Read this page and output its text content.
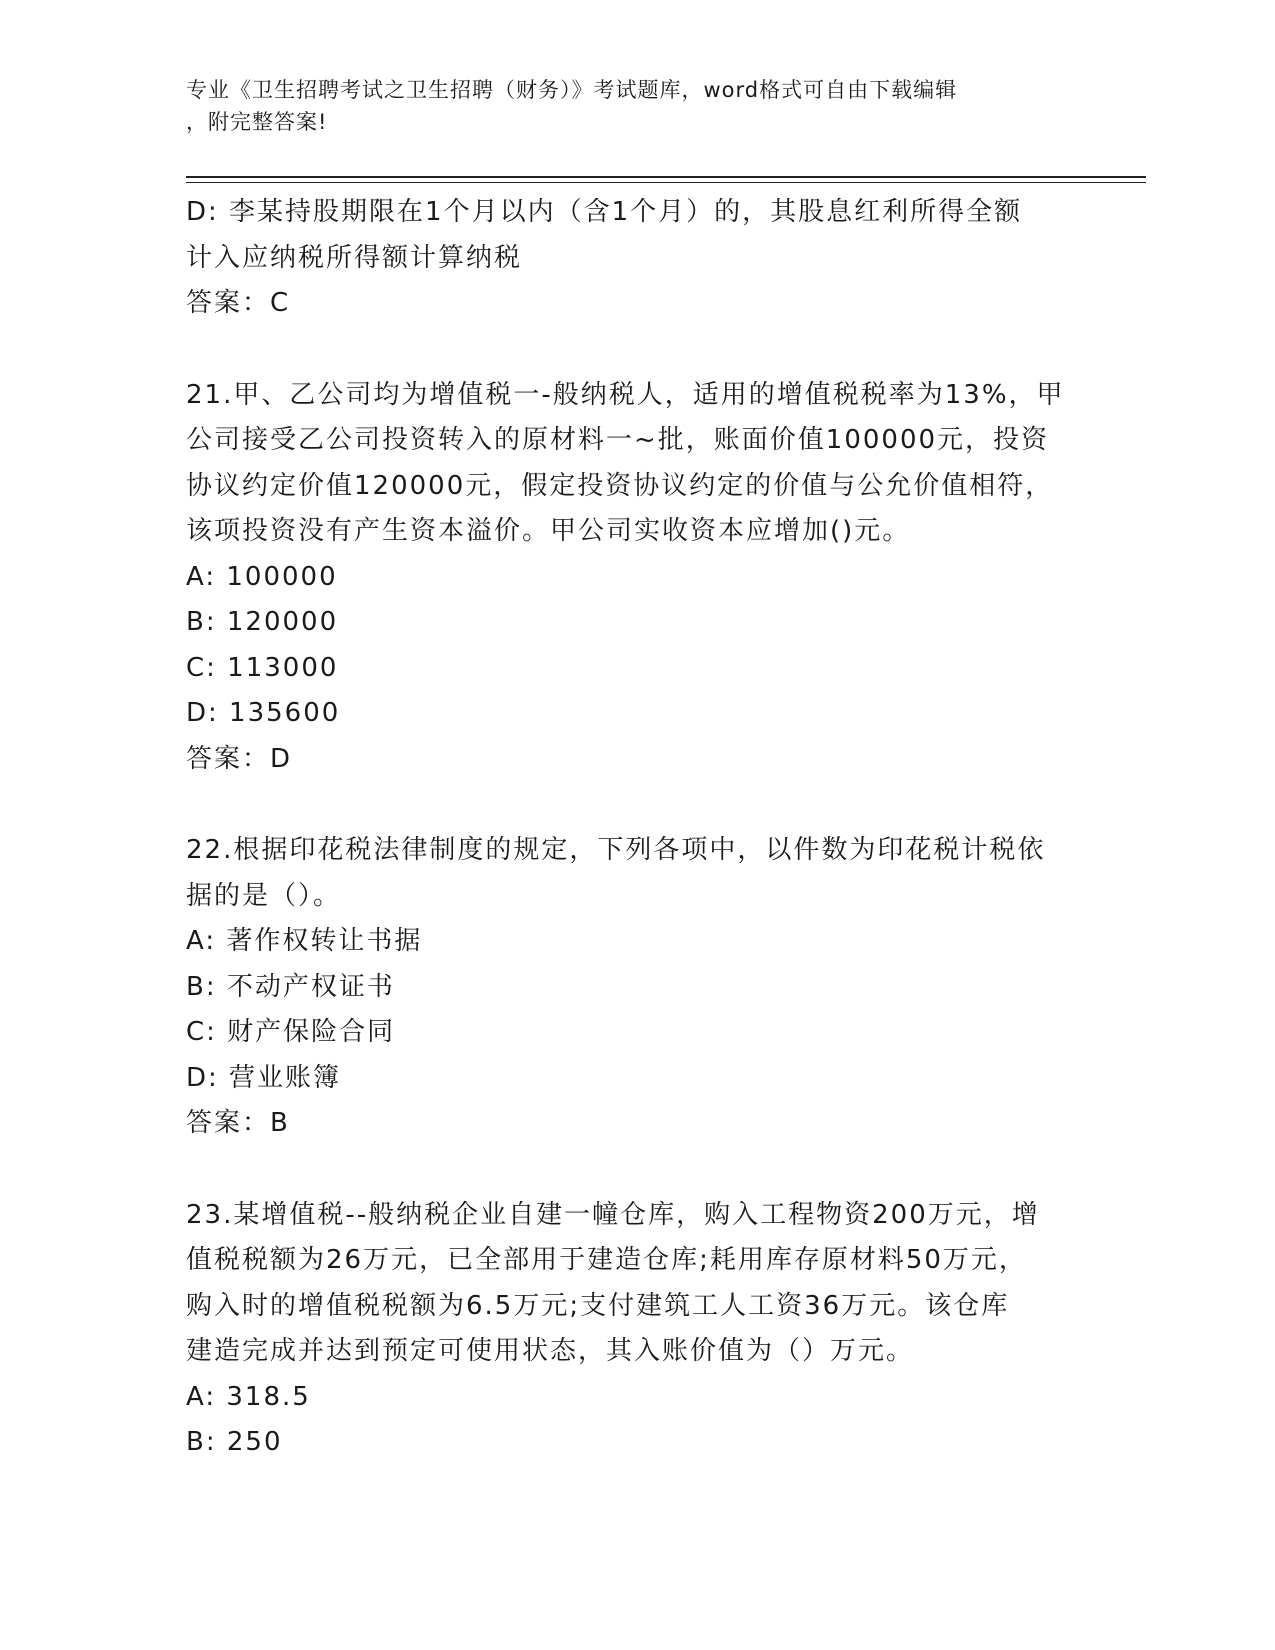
专业《卫生招聘考试之卫生招聘（财务）》考试题库，word格式可自由下载编辑
，附完整答案!
D: 李某持股期限在1个月以内（含1个月）的，其股息红利所得全额
计入应纳税所得额计算纳税
答案：C
21.甲、乙公司均为增值税一-般纳税人，适用的增值税税率为13%，甲
公司接受乙公司投资转入的原材料一~批，账面价值100000元，投资
协议约定价值120000元，假定投资协议约定的价值与公允价值相符，
该项投资没有产生资本溢价。甲公司实收资本应增加()元。
A: 100000
B: 120000
C: 113000
D: 135600
答案：D
22.根据印花税法律制度的规定，下列各项中，以件数为印花税计税依
据的是（）。
A: 著作权转让书据
B: 不动产权证书
C: 财产保险合同
D: 营业账簿
答案：B
23.某增值税--般纳税企业自建一幢仓库，购入工程物资200万元，增
值税税额为26万元，已全部用于建造仓库;耗用库存原材料50万元，
购入时的增值税税额为6.5万元;支付建筑工人工资36万元。该仓库
建造完成并达到预定可使用状态，其入账价值为（）万元。
A: 318.5
B: 250
